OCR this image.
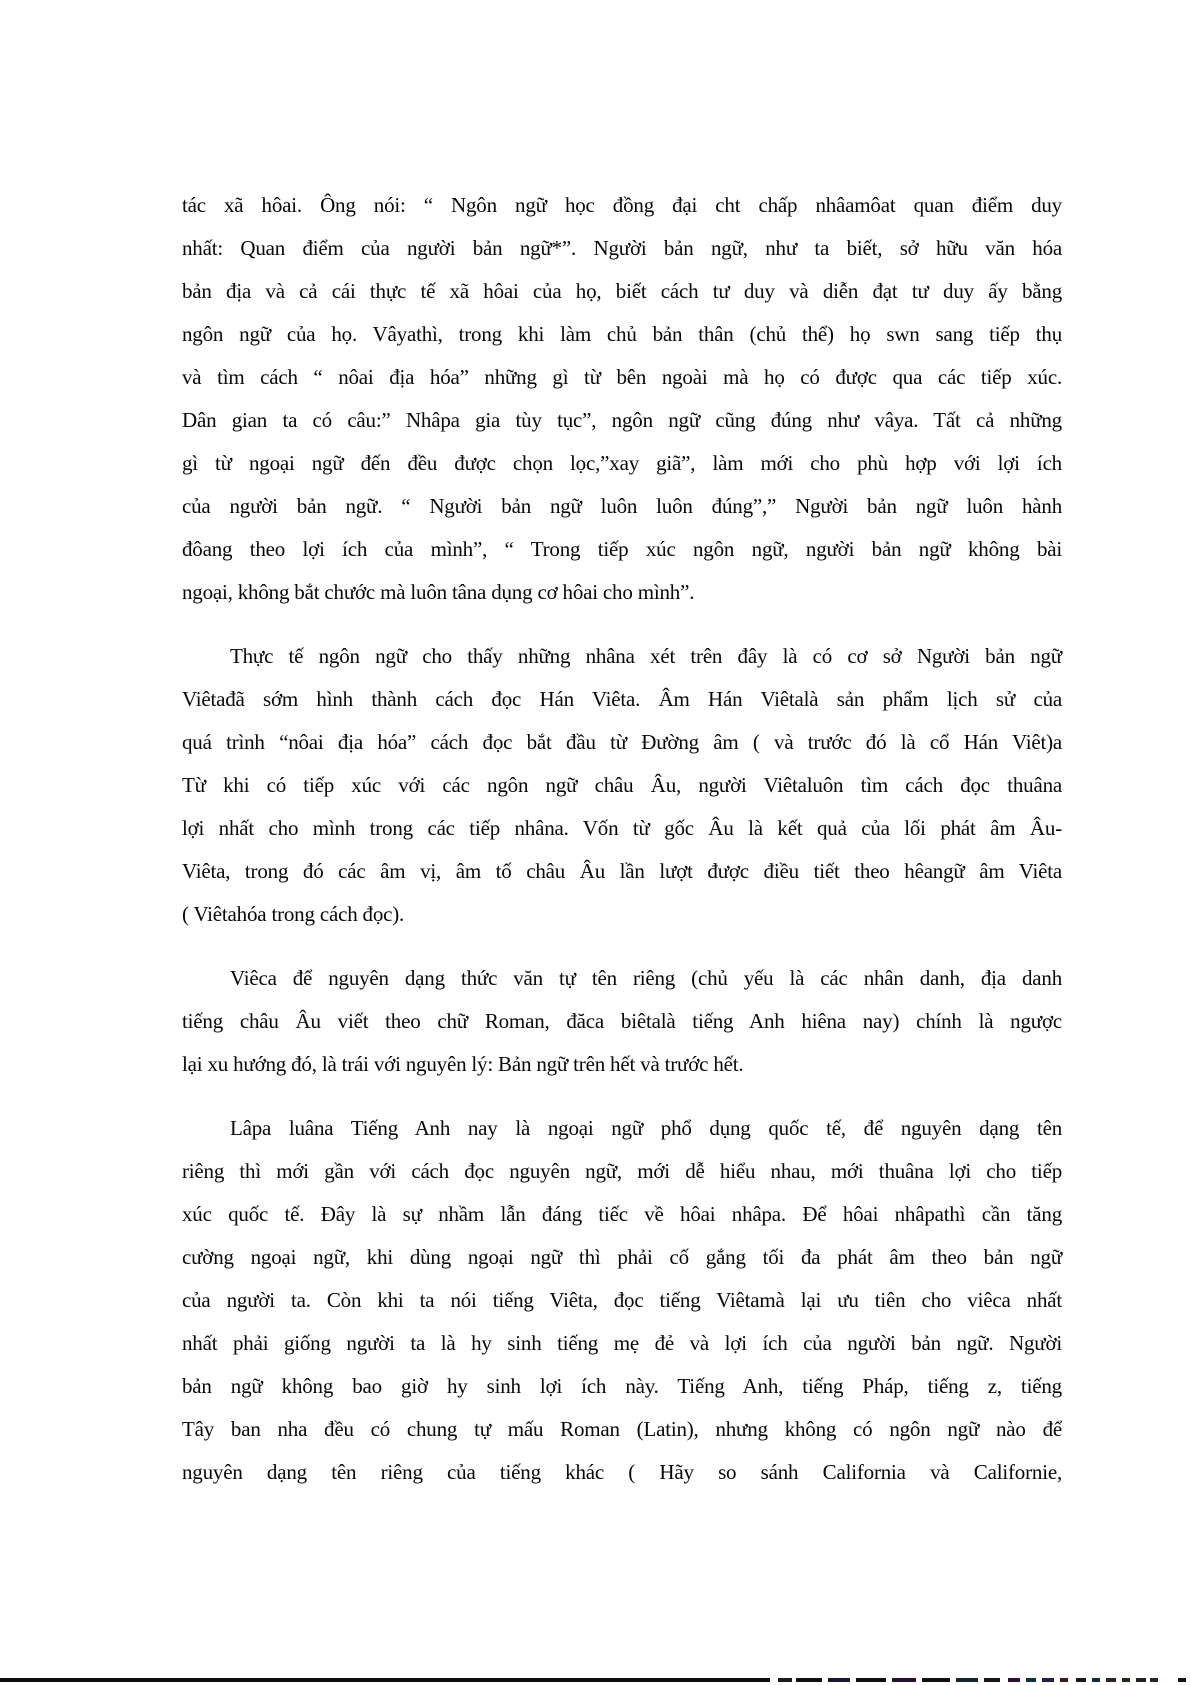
tác xã hôai. Ông nói: “ Ngôn ngữ học đồng đại cht chấp nhâamôat quan điểm duy
nhất: Quan điểm của người bản ngữ*”. Người bản ngữ, như ta biết, sở hữu văn hóa
bản địa và cả cái thực tế xã hôai của họ, biết cách tư duy và diễn đạt tư duy ấy bằng
ngôn ngữ của họ. Vâyathì, trong khi làm chủ bản thân (chủ thể) họ swn sang tiếp thụ
và tìm cách “ nôai địa hóa” những gì từ bên ngoài mà họ có được qua các tiếp xúc.
Dân gian ta có câu:” Nhâpa gia tùy tục”, ngôn ngữ cũng đúng như vâya. Tất cả những
gì từ ngoại ngữ đến đều được chọn lọc,”xay giã”, làm mới cho phù hợp với lợi ích
của người bản ngữ. “ Người bản ngữ luôn luôn đúng”,” Người bản ngữ luôn hành
đôang theo lợi ích của mình”, “ Trong tiếp xúc ngôn ngữ, người bản ngữ không bài
ngoại, không bắt chước mà luôn tâna dụng cơ hôai cho mình”.
Thực tế ngôn ngữ cho thấy những nhâna xét trên đây là có cơ sở Người bản ngữ
Viêtađã sớm hình thành cách đọc Hán Viêta. Âm Hán Viêtalà sản phẩm lịch sử của
quá trình “nôai địa hóa” cách đọc bắt đầu từ Đường âm ( và trước đó là cổ Hán Viêt)a
Từ khi có tiếp xúc với các ngôn ngữ châu Âu, người Viêtaluôn tìm cách đọc thuâna
lợi nhất cho mình trong các tiếp nhâna. Vốn từ gốc Âu là kết quả của lối phát âm Âu-
Viêta, trong đó các âm vị, âm tố châu Âu lần lượt được điều tiết theo hêangữ âm Viêta
( Viêtahóa trong cách đọc).
Viêca để nguyên dạng thức văn tự tên riêng (chủ yếu là các nhân danh, địa danh
tiếng châu Âu viết theo chữ Roman, đăca biêtalà tiếng Anh hiêna nay) chính là ngược
lại xu hướng đó, là trái với nguyên lý: Bản ngữ trên hết và trước hết.
Lâpa luâna Tiếng Anh nay là ngoại ngữ phổ dụng quốc tế, để nguyên dạng tên
riêng thì mới gần với cách đọc nguyên ngữ, mới dễ hiểu nhau, mới thuâna lợi cho tiếp
xúc quốc tế. Đây là sự nhầm lẫn đáng tiếc về hôai nhâpa. Để hôai nhâpathì cần tăng
cường ngoại ngữ, khi dùng ngoại ngữ thì phải cố gắng tối đa phát âm theo bản ngữ
của người ta. Còn khi ta nói tiếng Viêta, đọc tiếng Viêtamà lại ưu tiên cho viêca nhất
nhất phải giống người ta là hy sinh tiếng mẹ đẻ và lợi ích của người bản ngữ. Người
bản ngữ không bao giờ hy sinh lợi ích này. Tiếng Anh, tiếng Pháp, tiếng z, tiếng
Tây ban nha đều có chung tự mấu Roman (Latin), nhưng không có ngôn ngữ nào để
nguyên dạng tên riêng của tiếng khác ( Hãy so sánh California và Californie,
